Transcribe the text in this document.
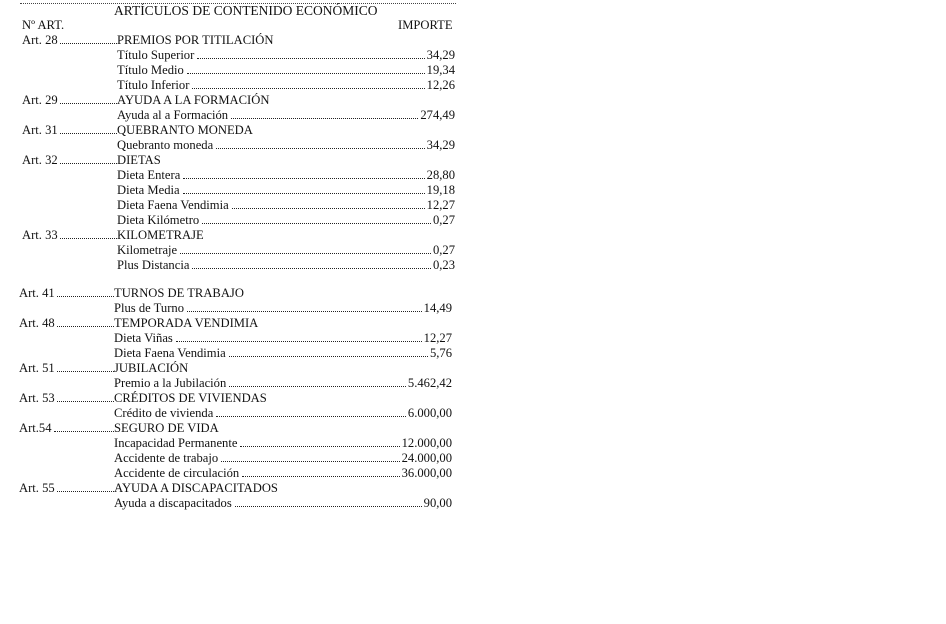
ARTÍCULOS DE CONTENIDO ECONÓMICO
Nº ART.	IMPORTE
Art. 28	PREMIOS POR TITILACIÓN
Título Superior	34,29
Título Medio	19,34
Título Inferior	12,26
Art. 29	AYUDA A LA FORMACIÓN
Ayuda al a Formación	274,49
Art. 31	QUEBRANTO MONEDA
Quebranto moneda	34,29
Art. 32	DIETAS
Dieta Entera	28,80
Dieta Media	19,18
Dieta Faena Vendimia	12,27
Dieta Kilómetro	0,27
Art. 33	KILOMETRAJE
Kilometraje	0,27
Plus Distancia	0,23
Art. 41	TURNOS DE TRABAJO
Plus de Turno	14,49
Art. 48	TEMPORADA VENDIMIA
Dieta Viñas	12,27
Dieta Faena Vendimia	5,76
Art. 51	JUBILACIÓN
Premio a la Jubilación	5.462,42
Art. 53	CRÉDITOS DE VIVIENDAS
Crédito de vivienda	6.000,00
Art.54	SEGURO DE VIDA
Incapacidad Permanente	12.000,00
Accidente de trabajo	24.000,00
Accidente de circulación	36.000,00
Art. 55	AYUDA A DISCAPACITADOS
Ayuda a discapacitados	90,00
